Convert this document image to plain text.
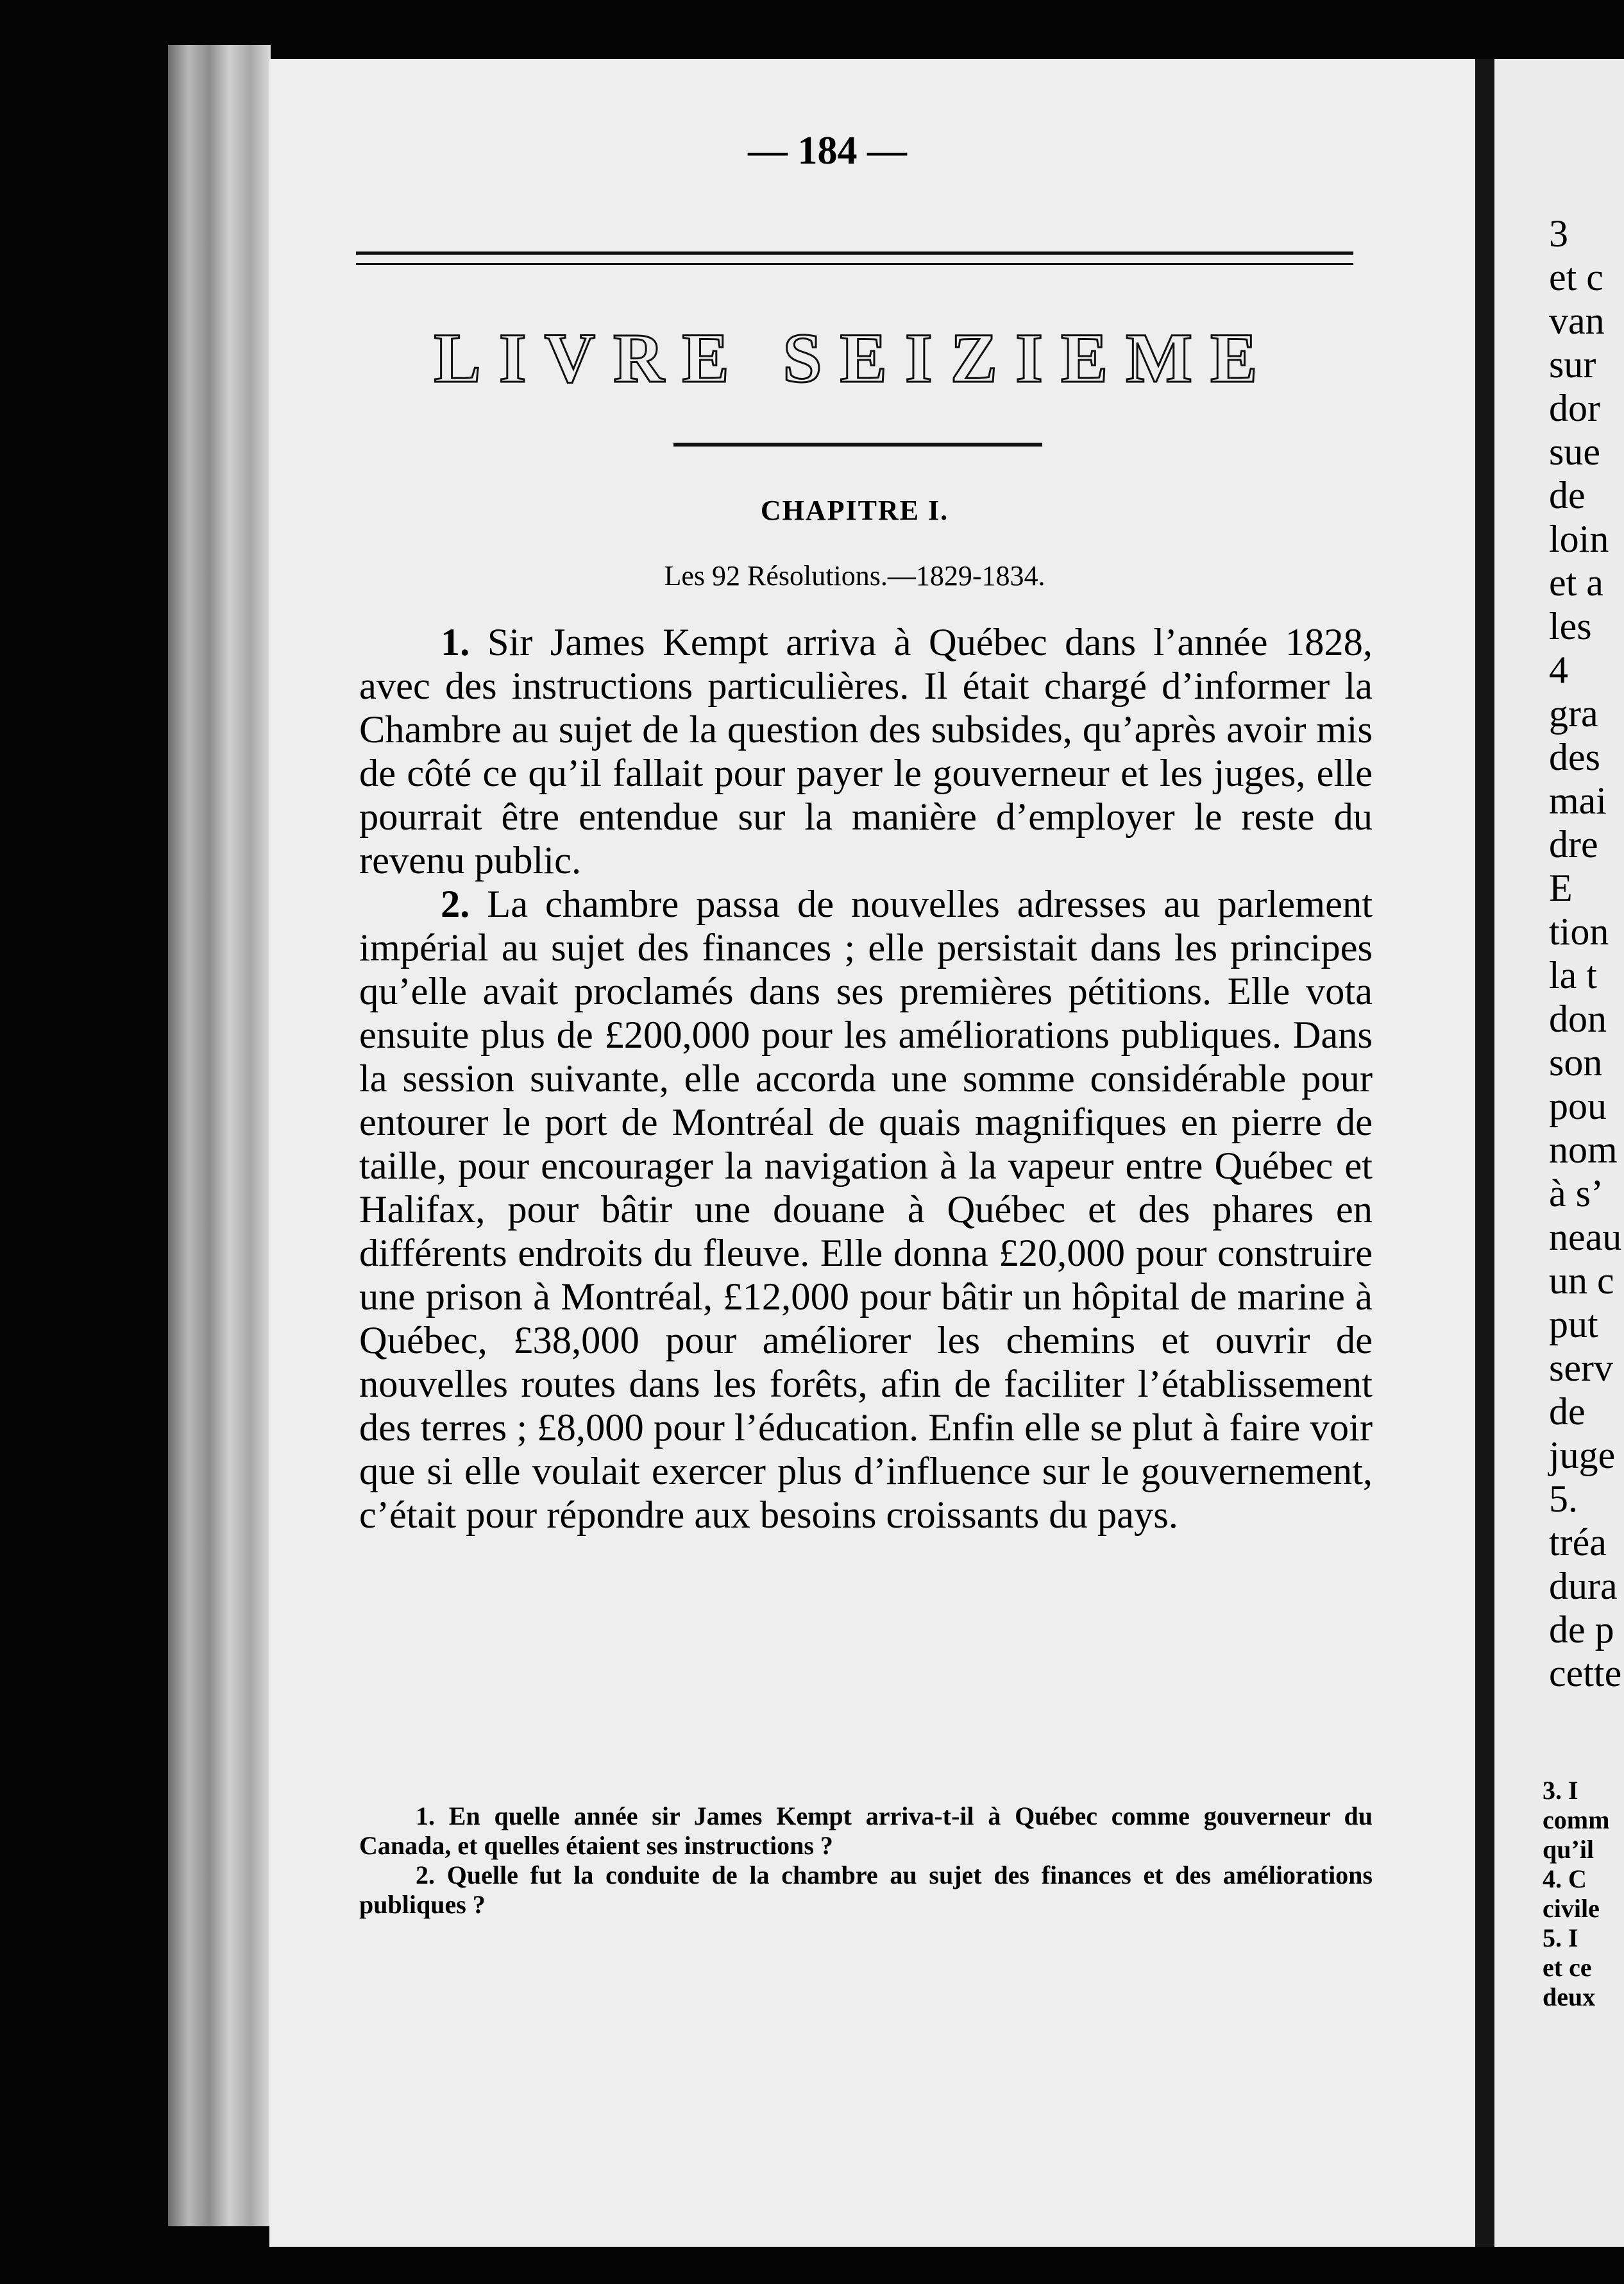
— 184 —
LIVRE SEIZIEME
CHAPITRE I.
Les 92 Résolutions.—1829-1834.

1. Sir James Kempt arriva à Québec dans l’année 1828, avec des instructions particulières. Il était chargé d’informer la Chambre au sujet de la question des subsides, qu’après avoir mis de côté ce qu’il fallait pour payer le gouverneur et les juges, elle pourrait être entendue sur la manière d’employer le reste du revenu public.

2. La chambre passa de nouvelles adresses au parlement impérial au sujet des finances ; elle persistait dans les principes qu’elle avait proclamés dans ses premières pétitions. Elle vota ensuite plus de £200,000 pour les améliorations publiques. Dans la session suivante, elle accorda une somme considérable pour entourer le port de Montréal de quais magnifiques en pierre de taille, pour encourager la navigation à la vapeur entre Québec et Halifax, pour bâtir une douane à Québec et des phares en différents endroits du fleuve. Elle donna £20,000 pour construire une prison à Montréal, £12,000 pour bâtir un hôpital de marine à Québec, £38,000 pour améliorer les chemins et ouvrir de nouvelles routes dans les forêts, afin de faciliter l’établissement des terres ; £8,000 pour l’éducation. Enfin elle se plut à faire voir que si elle voulait exercer plus d’influence sur le gouvernement, c’était pour répondre aux besoins croissants du pays.

1. En quelle année sir James Kempt arriva-t-il à Québec comme gouverneur du Canada, et quelles étaient ses instructions ?

2. Quelle fut la conduite de la chambre au sujet des finances et des améliorations publiques ?

3
et c
van
sur
dor
sue
de
loin
et a
les
4
gra
des
mai
dre
E
tion
la t
don
son
pou
nom
à s’
neau
un c
put
serv
de
juge
5.
tréa
dura
de p
cette
3. I
comm
qu’il
4. C
civile
5. I
et ce
deux
